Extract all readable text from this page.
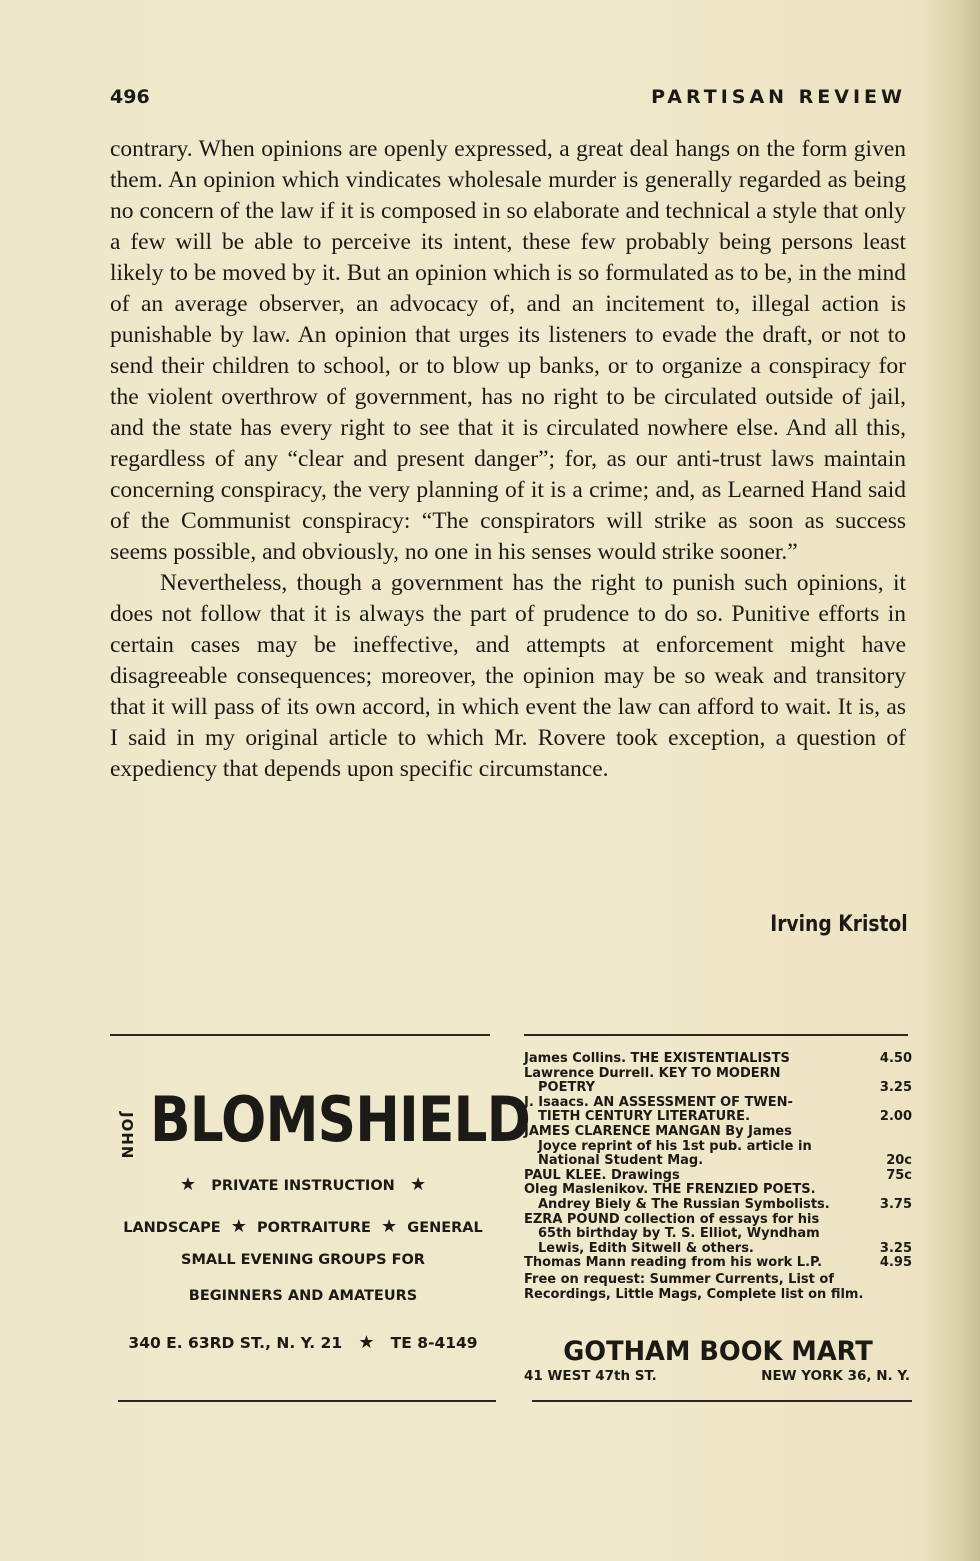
496	PARTISAN REVIEW

contrary. When opinions are openly expressed, a great deal hangs on the form given them. An opinion which vindicates wholesale murder is generally regarded as being no concern of the law if it is composed in so elaborate and technical a style that only a few will be able to perceive its intent, these few probably being persons least likely to be moved by it. But an opinion which is so formulated as to be, in the mind of an average observer, an advocacy of, and an incitement to, illegal action is punishable by law. An opinion that urges its listeners to evade the draft, or not to send their children to school, or to blow up banks, or to organize a conspiracy for the violent overthrow of government, has no right to be circulated outside of jail, and the state has every right to see that it is circulated nowhere else. And all this, regardless of any “clear and present danger”; for, as our anti-trust laws maintain concerning conspiracy, the very planning of it is a crime; and, as Learned Hand said of the Communist conspiracy: “The conspirators will strike as soon as success seems possible, and obviously, no one in his senses would strike sooner.”

Nevertheless, though a government has the right to punish such opinions, it does not follow that it is always the part of prudence to do so. Punitive efforts in certain cases may be ineffective, and attempts at enforcement might have disagreeable consequences; moreover, the opinion may be so weak and transitory that it will pass of its own accord, in which event the law can afford to wait. It is, as I said in my original article to which Mr. Rovere took exception, a question of expediency that depends upon specific circumstance.

Irving Kristol
JOHN BLOMSHIELD
★ PRIVATE INSTRUCTION ★
LANDSCAPE ★ PORTRAITURE ★ GENERAL
SMALL EVENING GROUPS FOR
BEGINNERS AND AMATEURS
340 E. 63RD ST., N. Y. 21 ★ TE 8-4149
James Collins. THE EXISTENTIALISTS	4.50
Lawrence Durrell. KEY TO MODERN
POETRY	3.25
J. Isaacs. AN ASSESSMENT OF TWEN-
TIETH CENTURY LITERATURE.	2.00
JAMES CLARENCE MANGAN By James
Joyce reprint of his 1st pub. article in National Student Mag.	20c
PAUL KLEE. Drawings	75c
Oleg Maslenikov. THE FRENZIED POETS.
Andrey Biely & The Russian Symbolists.	3.75
EZRA POUND collection of essays for his
65th birthday by T. S. Elliot, Wyndham Lewis, Edith Sitwell & others.	3.25
Thomas Mann reading from his work L.P.	4.95
Free on request: Summer Currents, List of Recordings, Little Mags, Complete list on film.
GOTHAM BOOK MART
41 WEST 47th ST.	NEW YORK 36, N. Y.
